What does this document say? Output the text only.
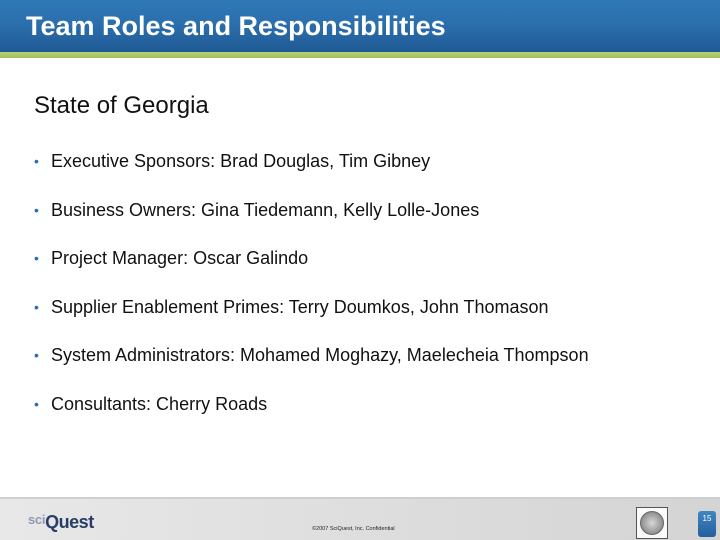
Team Roles and Responsibilities
State of Georgia
• Executive Sponsors: Brad Douglas, Tim Gibney
• Business Owners: Gina Tiedemann, Kelly Lolle-Jones
• Project Manager: Oscar Galindo
• Supplier Enablement Primes: Terry Doumkos, John Thomason
• System Administrators: Mohamed Moghazy, Maelecheia Thompson
• Consultants: Cherry Roads
$^{sci}$Quest	©2007 SciQuest, Inc. Confidential
15
